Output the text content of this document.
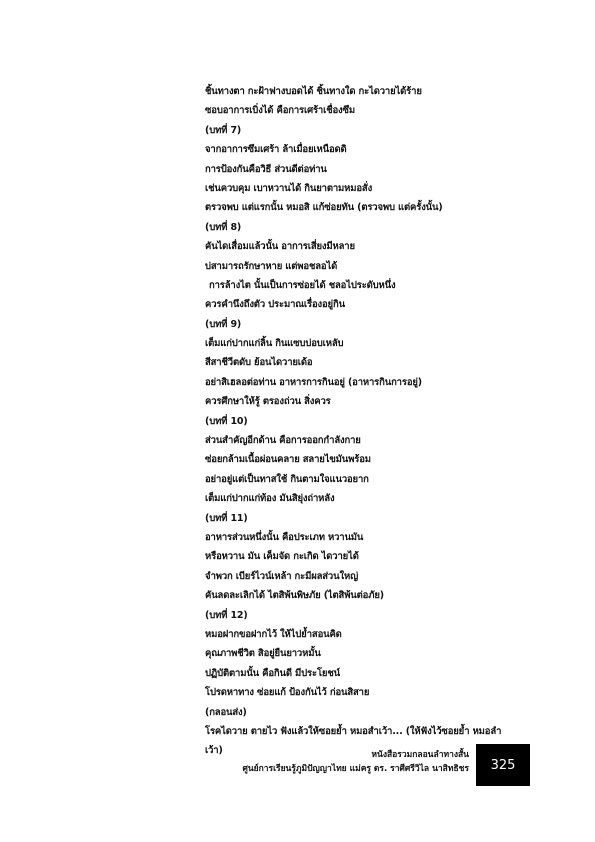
ชิ้นทางตา กะฝ้าฟางบอดได้ ชิ้นทางใด กะไดวายได้ร้าย
ซอบอาการเบิ่งได้ คือการเศร้าเชื่องซึม
(บทที่ 7)
จากอาการซึมเศร้า ล้าเมื่อยเหนือดดิ
การป้องกันคือวิธี ส่วนดีต่อท่าน
เช่นควบคุม เบาหวานได้ กินยาตามหมอสั่ง
ตรวจพบ แต่แรกนั้น หมอสิ แก้ซ่อยทัน (ตรวจพบ แต่ครั้งนั้น)
(บทที่ 8)
คันไดเสื่อมแล้วนั้น อาการเสี่ยงมีหลาย
บ่สามารถรักษาหาย แต่พอชลอได้
การล้างไต นั้นเป็นการซ่อยได้ ชลอไประดับหนึ่ง
ควรคำนึงถึงตัว ประมาณเรื่องอยู่กิน
(บทที่ 9)
เต็มแก่ปากแก่ลิ้น กินแซบบ่อบเหลับ
สีสาชีวีตดับ ย้อนไดวายเด้อ
อย่าสิเฮลอต่อท่าน อาหารการกินอยู่ (อาหารกินการอยู่)
ควรศึกษาให้รู้ ตรองถ่วน สิ่งควร
(บทที่ 10)
ส่วนสำคัญอีกด้าน คือการออกกำลังกาย
ซ่อยกล้ามเนื้อผ่อนคลาย สลายไขมันพร้อม
อย่าอยู่แต่เป็นทาสใช้ กินตามใจแนวอยาก
เต็มแก่ปากแก่ท้อง มันสิยุ่งถ่าหลัง
(บทที่ 11)
อาหารส่วนหนึ่งนั้น คือประเภท หวานมัน
หรือหวาน มัน เค็มจัด กะเกิด ไดวายได้
จำพวก เบียร์ไวน์เหล้า กะมีผลส่วนใหญ่
คันลดละเลิกได้ ไตสิพ้นพิษภัย (ไตสิพ้นต่อภัย)
(บทที่ 12)
หมอฝากขอฝากไว้ ให้ไปย้ำสอนคิด
คุณภาพชีวิต สิอยู่ยืนยาวหมั้น
ปฏิบัติตามนั้น คือกินดี มีประโยชน์
โปรดหาทาง ซ่อยแก้ ป้องกันไว้ ก่อนสิสาย
(กลอนส่ง)
โรคไดวาย ตายไว ฟังแล้วให้ซอยย้ำ หมอสำเว้า... (ให้ฟังไว้ซอยย้ำ หมอลำ
เว้า)	หนังสือรวมกลอนลำทางสั้น
ศูนย์การเรียนรู้ภูมิปัญญาไทย แม่ครู ดร. ราศีศรีวิไล นาสิทธิชร 325
